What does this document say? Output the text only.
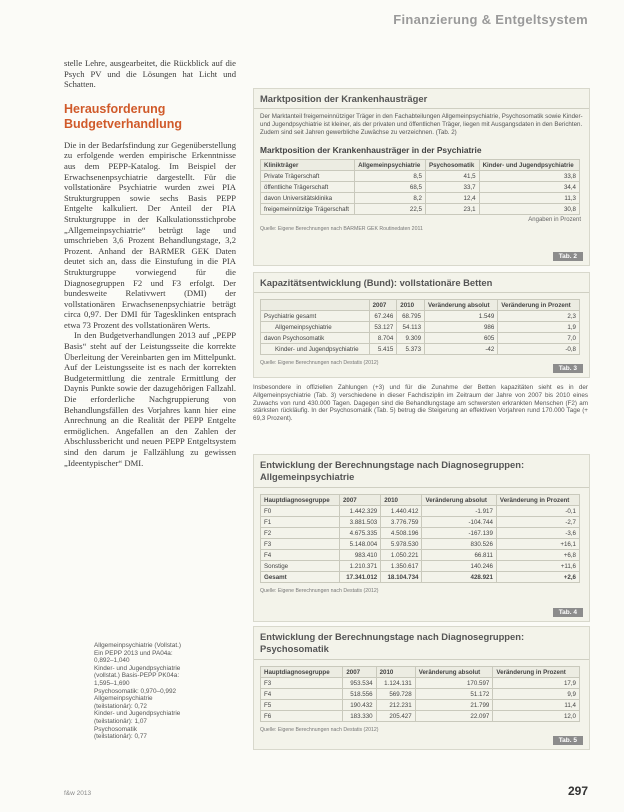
Finanzierung & Entgeltsystem

stelle Lehre, ausgearbeitet, die Rückblick auf die Psych PV und die Lösungen hat Licht und Schatten.

Herausforderung Budgetverhandlung

Die in der Bedarfsfindung zur Gegenüberstellung zu erfolgende werden empirische Erkenntnisse aus dem PEPP-Katalog. Im Beispiel der Erwachsenenpsychiatrie dargestellt. Für die vollstationäre Psychiatrie wurden zwei PIA Strukturgruppen sowie sechs Basis PEPP Entgelte kalkuliert. Der Anteil der PIA Strukturgruppe in der Kalkulationsstichprobe „Allgemeinpsychiatrie“ betrügt lage und umschrieben 3,6 Prozent Behandlungstage, 3,2 Prozent. Anhand der BARMER GEK Daten deutet sich an, dass die Einstufung in die PIA Strukturgruppe vorwiegend für die Diagnosegruppen F2 und F3 erfolgt. Der bundesweite Relativwert (DMI) der vollstationären Erwachsenenpsychiatrie beträgt circa 0,97. Der DMI für Tagesklinken entsprach etwa 73 Prozent des vollstationären Werts.

In den Budgetverhandlungen 2013 auf „PEPP Basis“ steht auf der Leistungsseite die korrekte Überleitung der Vereinbarten gen im Mittelpunkt. Auf der Leistungsseite ist es nach der korrekten Budgetermittlung die zentrale Ermittlung der Daynis Punkte sowie der dazugehörigen Fallzahl. Die erforderliche Nachgruppierung von Behandlungsfällen des Vorjahres kann hier eine Anrechnung an die Realität der PEPP Entgelte ermöglichen. Angefallen an den Zahlen der Abschlussbericht und neuen PEPP Entgeltsystem sind den darum je Fallzählung zu gewissen „Ideentypischer“ DMI.

Allgemeinpsychiatrie (Vollstat.)
Ein PEPP 2013 und PA04a:
0,892–1,040
Kinder- und Jugendpsychiatrie
(vollstat.) Basis-PEPP PK04a:
1,595–1,690
Psychosomatik: 0,970–0,992
Allgemeinpsychiatrie
(teilstationär): 0,72
Kinder- und Jugendpsychiatrie
(teilstationär): 1,07
Psychosomatik
(teilstationär): 0,77
Marktposition der Krankenhausträger
Der Marktanteil freigemeinnütziger Träger in den Fachabteilungen Allgemeinpsychiatrie, Psychosomatik sowie Kinder- und Jugendpsychiatrie ist kleiner, als der privaten und öffentlichen Träger, liegen mit Ausgangsdaten in den Berichten. Zudem sind seit Jahren gewerbliche Zuwächse zu verzeichnen. (Tab. 2)
Marktposition der Krankenhausträger in der Psychiatrie
Klinikträger	Allgemeinpsychiatrie	Psychosomatik	Kinder- und Jugendpsychiatrie
Private Trägerschaft	8,5	41,5	33,8
öffentliche Trägerschaft	68,5	33,7	34,4
davon Universitätsklinika	8,2	12,4	11,3
freigemeinnützige Trägerschaft	22,5	23,1	30,8
Angaben in Prozent
Quelle: Eigene Berechnungen nach BARMER GEK Routinedaten 2011
Tab. 2
Kapazitätsentwicklung (Bund): vollstationäre Betten
	2007	2010	Veränderung absolut	Veränderung in Prozent
Psychiatrie gesamt	67.246	68.795	1.549	2,3
Allgemeinpsychiatrie	53.127	54.113	986	1,9
davon Psychosomatik	8.704	9.309	605	7,0
Kinder- und Jugendpsychiatrie	5.415	5.373	-42	-0,8
Quelle: Eigene Berechnungen nach Destatis (2012)
Tab. 3
Insbesondere in offiziellen Zahlungen (+3) und für die Zunahme der Betten kapazitäten sieht es in der Allgemeinpsychiatrie (Tab. 3) verschiedene in dieser Fachdisziplin im Zeitraum der Jahre von 2007 bis 2010 eines Zuwachs von rund 430.000 Tagen. Dagegen sind die Behandlungstage am schwersten erkrankten Menschen (F2) am stärksten rückläufig. In der Psychosomatik (Tab. 5) betrug die Steigerung an effektiven Vorjahren rund 170.000 Tage (+ 69,3 Prozent).
Entwicklung der Berechnungstage nach Diagnosegruppen: Allgemeinpsychiatrie
Hauptdiagnosegruppe	2007	2010	Veränderung absolut	Veränderung in Prozent
F0	1.442.329	1.440.412	-1.917	-0,1
F1	3.881.503	3.776.759	-104.744	-2,7
F2	4.675.335	4.508.196	-167.139	-3,6
F3	5.148.004	5.978.530	830.526	+16,1
F4	983.410	1.050.221	66.811	+6,8
Sonstige	1.210.371	1.350.617	140.246	+11,6
Gesamt	17.341.012	18.104.734	428.921	+2,6
Quelle: Eigene Berechnungen nach Destatis (2012)
Tab. 4
Entwicklung der Berechnungstage nach Diagnosegruppen: Psychosomatik
Hauptdiagnosegruppe	2007	2010	Veränderung absolut	Veränderung in Prozent
F3	953.534	1.124.131	170.597	17,9
F4	518.556	569.728	51.172	9,9
F5	190.432	212.231	21.799	11,4
F6	183.330	205.427	22.097	12,0
Quelle: Eigene Berechnungen nach Destatis (2012)
Tab. 5
f&w 2013	297
